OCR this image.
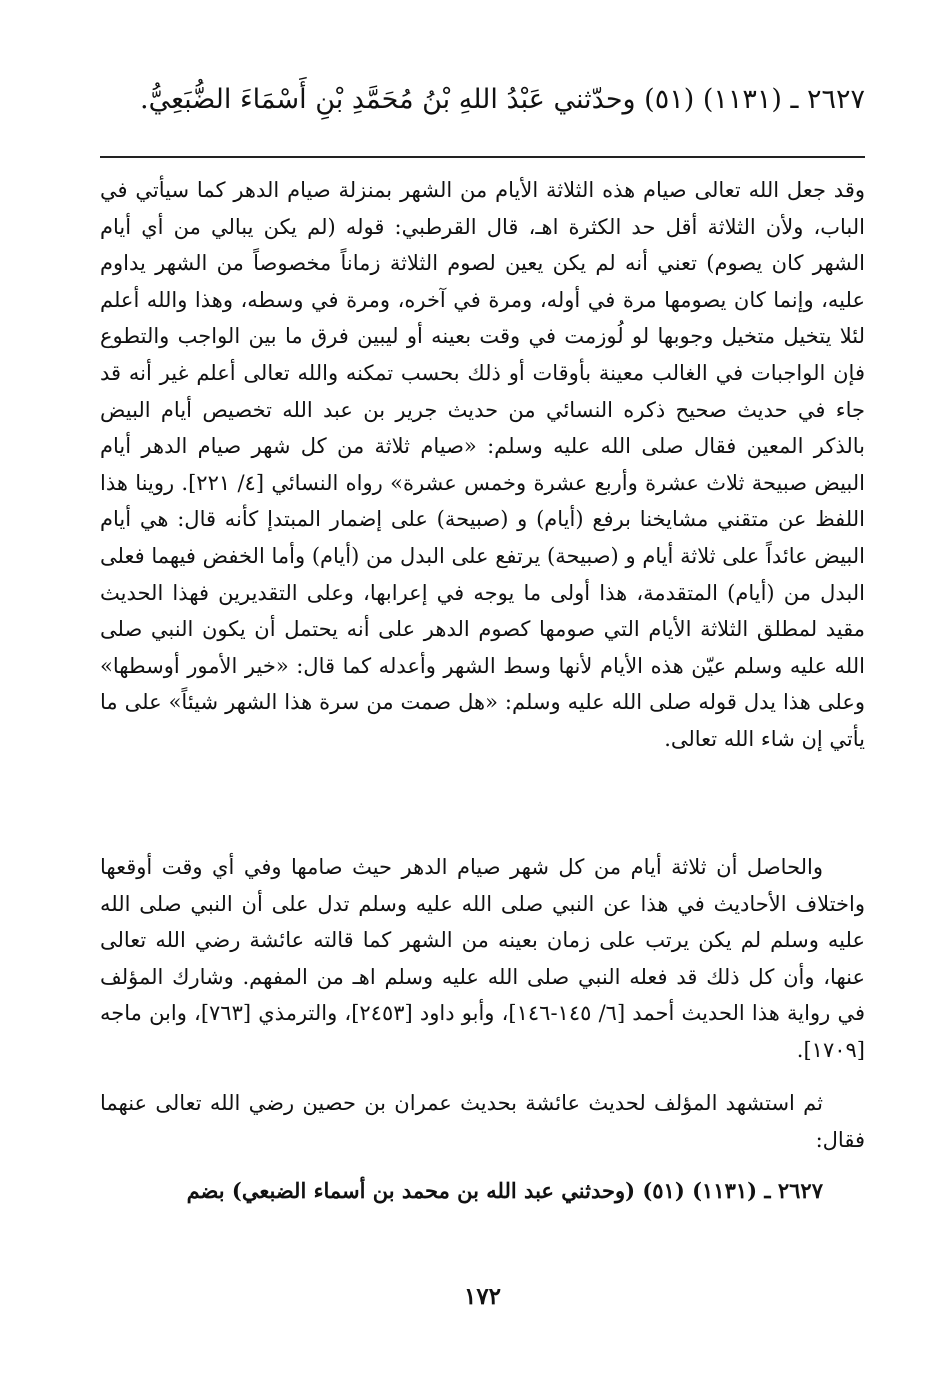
٢٦٢٧ ـ (١١٣١) (٥١) وحدّثني عَبْدُ اللهِ بْنُ مُحَمَّدِ بْنِ أَسْمَاءَ الضُّبَعِيُّ.

وقد جعل الله تعالى صيام هذه الثلاثة الأيام من الشهر بمنزلة صيام الدهر كما سيأتي في الباب، ولأن الثلاثة أقل حد الكثرة اهـ، قال القرطبي: قوله (لم يكن يبالي من أي أيام الشهر كان يصوم) تعني أنه لم يكن يعين لصوم الثلاثة زماناً مخصوصاً من الشهر يداوم عليه، وإنما كان يصومها مرة في أوله، ومرة في آخره، ومرة في وسطه، وهذا والله أعلم لئلا يتخيل متخيل وجوبها لو لُوزمت في وقت بعينه أو ليبين فرق ما بين الواجب والتطوع فإن الواجبات في الغالب معينة بأوقات أو ذلك بحسب تمكنه والله تعالى أعلم غير أنه قد جاء في حديث صحيح ذكره النسائي من حديث جرير بن عبد الله تخصيص أيام البيض بالذكر المعين فقال صلى الله عليه وسلم: «صيام ثلاثة من كل شهر صيام الدهر أيام البيض صبيحة ثلاث عشرة وأربع عشرة وخمس عشرة» رواه النسائي [٤/ ٢٢١]. روينا هذا اللفظ عن متقني مشايخنا برفع (أيام) و (صبيحة) على إضمار المبتدإ كأنه قال: هي أيام البيض عائداً على ثلاثة أيام و (صبيحة) يرتفع على البدل من (أيام) وأما الخفض فيهما فعلى البدل من (أيام) المتقدمة، هذا أولى ما يوجه في إعرابها، وعلى التقديرين فهذا الحديث مقيد لمطلق الثلاثة الأيام التي صومها كصوم الدهر على أنه يحتمل أن يكون النبي صلى الله عليه وسلم عيّن هذه الأيام لأنها وسط الشهر وأعدله كما قال: «خير الأمور أوسطها» وعلى هذا يدل قوله صلى الله عليه وسلم: «هل صمت من سرة هذا الشهر شيئاً» على ما يأتي إن شاء الله تعالى.

والحاصل أن ثلاثة أيام من كل شهر صيام الدهر حيث صامها وفي أي وقت أوقعها واختلاف الأحاديث في هذا عن النبي صلى الله عليه وسلم تدل على أن النبي صلى الله عليه وسلم لم يكن يرتب على زمان بعينه من الشهر كما قالته عائشة رضي الله تعالى عنها، وأن كل ذلك قد فعله النبي صلى الله عليه وسلم اهـ من المفهم. وشارك المؤلف في رواية هذا الحديث أحمد [٦/ ١٤٥-١٤٦]، وأبو داود [٢٤٥٣]، والترمذي [٧٦٣]، وابن ماجه [١٧٠٩].

ثم استشهد المؤلف لحديث عائشة بحديث عمران بن حصين رضي الله تعالى عنهما فقال:

٢٦٢٧ ـ (١١٣١) (٥١) (وحدثني عبد الله بن محمد بن أسماء الضبعي) بضم

١٧٢
